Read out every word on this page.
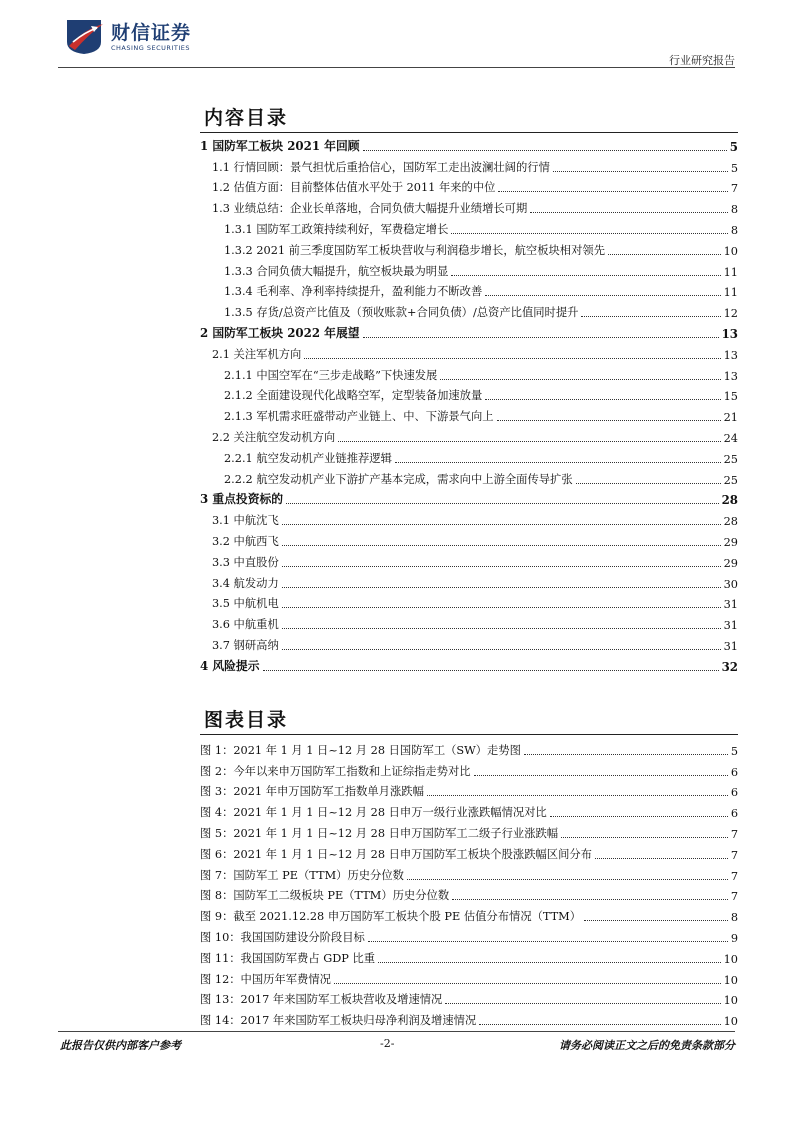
财信证券
CHASING SECURITIES
行业研究报告
内容目录
1 国防军工板块 2021 年回顾	5
1.1 行情回顾：景气担忧后重拾信心，国防军工走出波澜壮阔的行情	5
1.2 估值方面：目前整体估值水平处于 2011 年来的中位	7
1.3 业绩总结：企业长单落地，合同负债大幅提升业绩增长可期	8
1.3.1 国防军工政策持续利好，军费稳定增长	8
1.3.2 2021 前三季度国防军工板块营收与利润稳步增长，航空板块相对领先	10
1.3.3 合同负债大幅提升，航空板块最为明显	11
1.3.4 毛利率、净利率持续提升，盈利能力不断改善	11
1.3.5 存货/总资产比值及（预收账款+合同负债）/总资产比值同时提升	12
2 国防军工板块 2022 年展望	13
2.1 关注军机方向	13
2.1.1 中国空军在“三步走战略”下快速发展	13
2.1.2 全面建设现代化战略空军，定型装备加速放量	15
2.1.3 军机需求旺盛带动产业链上、中、下游景气向上	21
2.2 关注航空发动机方向	24
2.2.1 航空发动机产业链推荐逻辑	25
2.2.2 航空发动机产业下游扩产基本完成，需求向中上游全面传导扩张	25
3 重点投资标的	28
3.1 中航沈飞	28
3.2 中航西飞	29
3.3 中直股份	29
3.4 航发动力	30
3.5 中航机电	31
3.6 中航重机	31
3.7 钢研高纳	31
4 风险提示	32
图表目录
图 1：2021 年 1 月 1 日~12 月 28 日国防军工（SW）走势图	5
图 2：今年以来申万国防军工指数和上证综指走势对比	6
图 3：2021 年申万国防军工指数单月涨跌幅	6
图 4：2021 年 1 月 1 日~12 月 28 日申万一级行业涨跌幅情况对比	6
图 5：2021 年 1 月 1 日~12 月 28 日申万国防军工二级子行业涨跌幅	7
图 6：2021 年 1 月 1 日~12 月 28 日申万国防军工板块个股涨跌幅区间分布	7
图 7：国防军工 PE（TTM）历史分位数	7
图 8：国防军工二级板块 PE（TTM）历史分位数	7
图 9：截至 2021.12.28 申万国防军工板块个股 PE 估值分布情况（TTM）	8
图 10：我国国防建设分阶段目标	9
图 11：我国国防军费占 GDP 比重	10
图 12：中国历年军费情况	10
图 13：2017 年来国防军工板块营收及增速情况	10
图 14：2017 年来国防军工板块归母净利润及增速情况	10
此报告仅供内部客户参考	-2-	请务必阅读正文之后的免责条款部分
